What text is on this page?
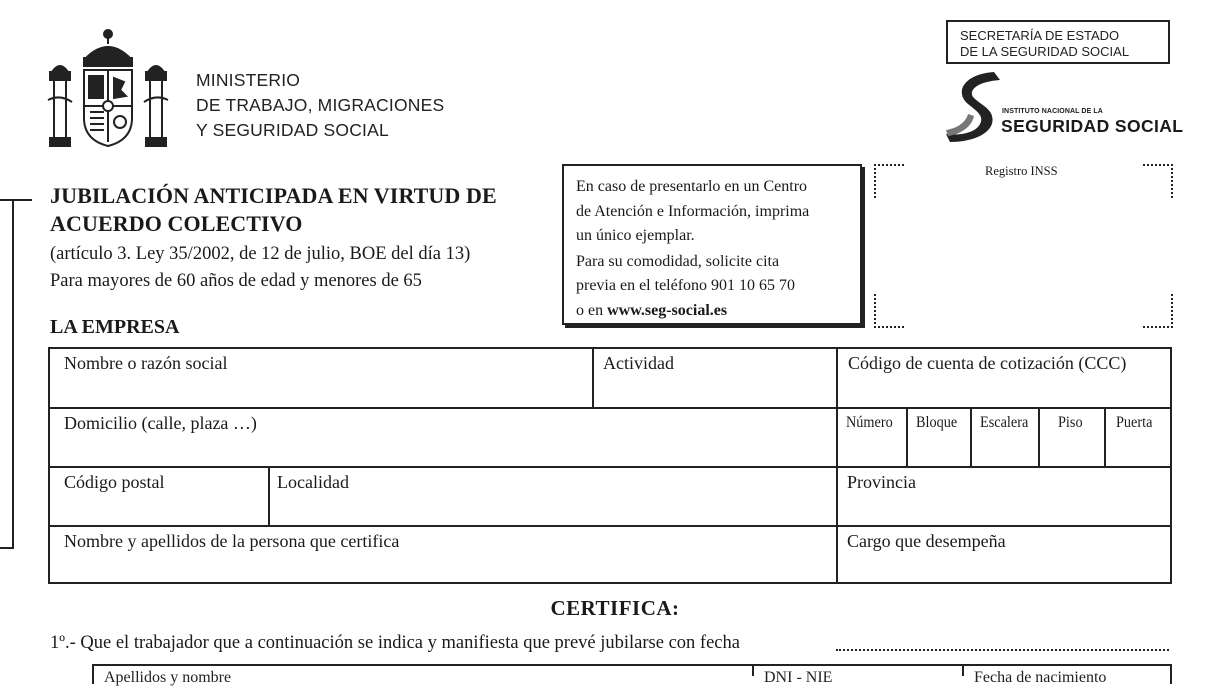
MINISTERIO
DE TRABAJO, MIGRACIONES
Y SEGURIDAD SOCIAL
SECRETARÍA DE ESTADO
DE LA SEGURIDAD SOCIAL
INSTITUTO NACIONAL DE LA
SEGURIDAD SOCIAL
Registro INSS
JUBILACIÓN ANTICIPADA EN VIRTUD DE
ACUERDO COLECTIVO
(artículo 3. Ley 35/2002, de 12 de julio, BOE del día 13)
Para mayores de 60 años de edad y menores de 65
En caso de presentarlo en un Centro
de Atención e Información, imprima
un único ejemplar.
Para su comodidad, solicite cita
previa en el teléfono 901 10 65 70
o en www.seg-social.es
LA EMPRESA
Nombre o razón social	Actividad	Código de cuenta de cotización (CCC)
Domicilio (calle, plaza …)	Número Bloque Escalera Piso Puerta
Código postal	Localidad	Provincia
Nombre y apellidos de la persona que certifica	Cargo que desempeña
CERTIFICA:
1º.- Que el trabajador que a continuación se indica y manifiesta que prevé jubilarse con fecha
Apellidos y nombre	DNI - NIE	Fecha de nacimiento
